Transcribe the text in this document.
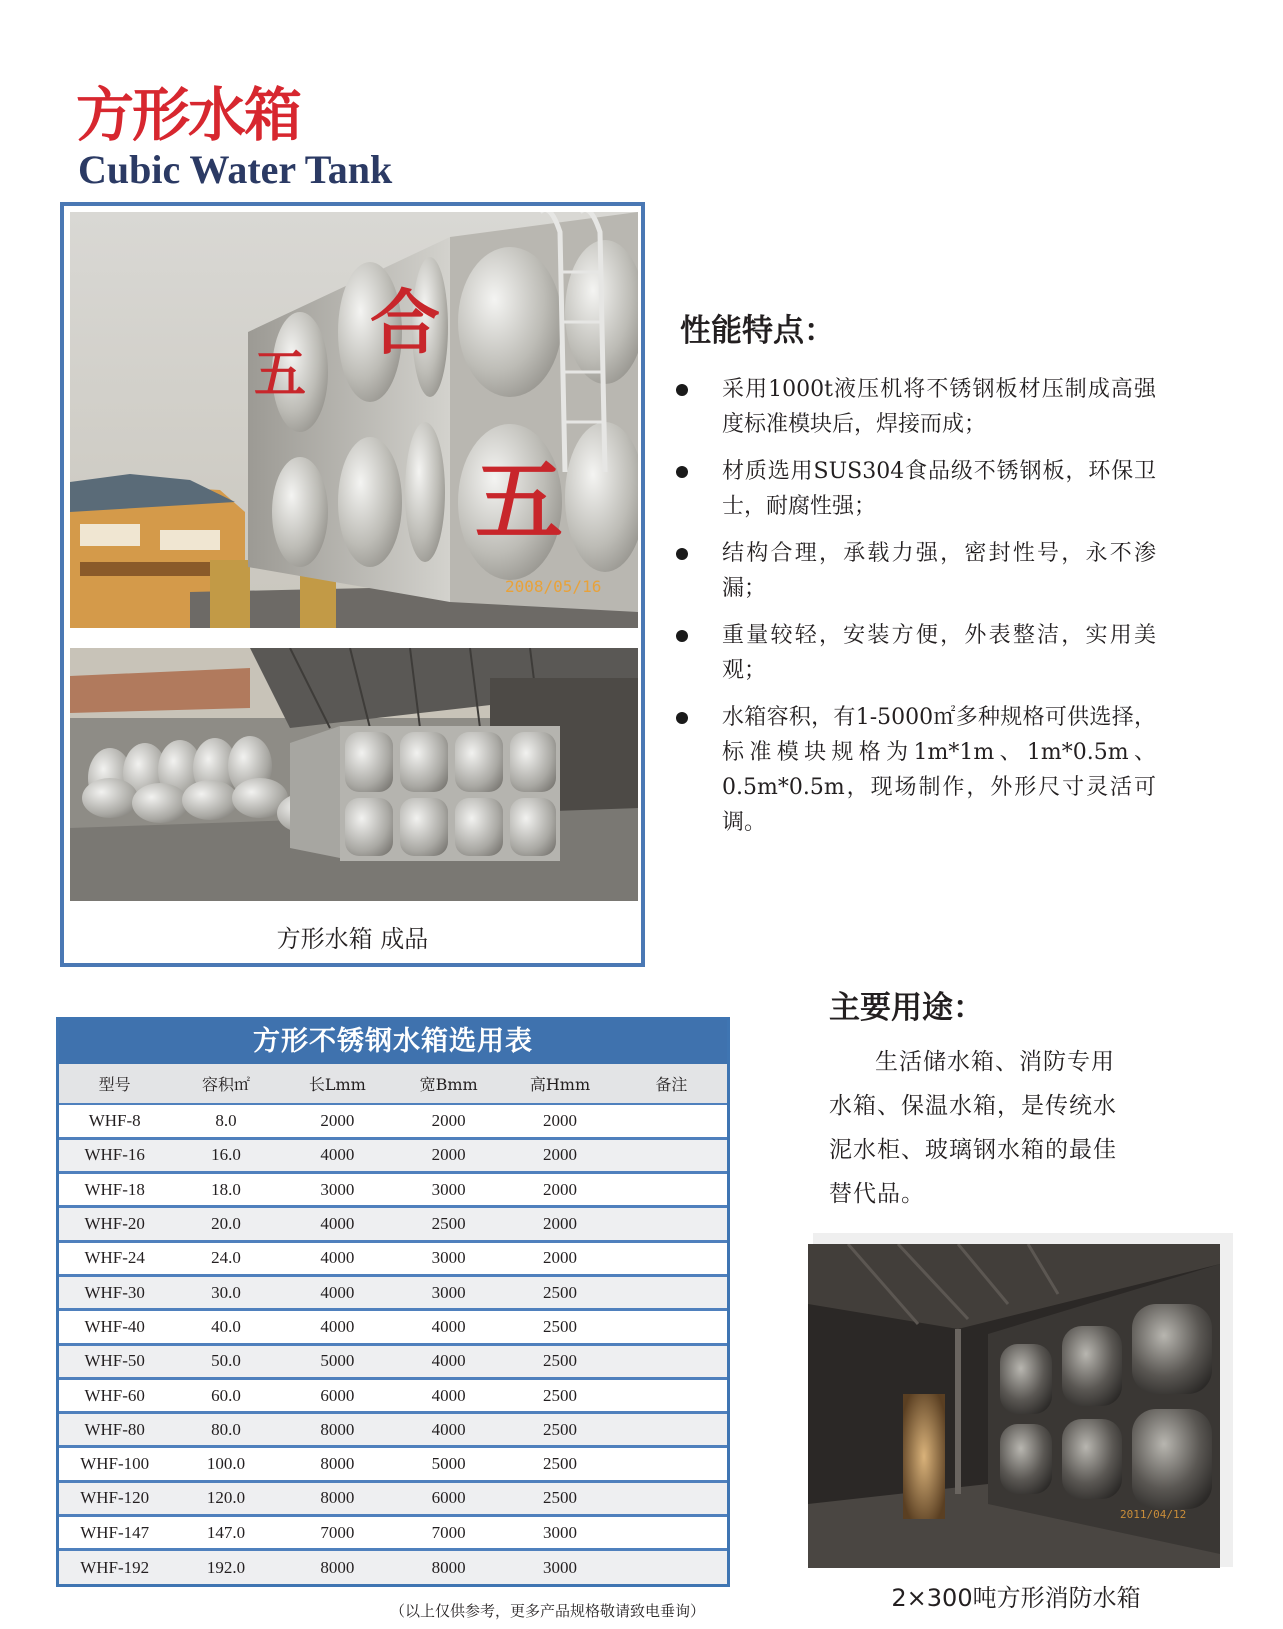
方形水箱
Cubic Water Tank
五
合
五
2008/05/16
方形水箱 成品
性能特点：
采用1000t液压机将不锈钢板材压制成高强度标准模块后，焊接而成；
材质选用SUS304食品级不锈钢板，环保卫士，耐腐性强；
结构合理，承载力强，密封性号，永不渗漏；
重量较轻，安装方便，外表整洁，实用美观；
水箱容积，有1-5000㎡多种规格可供选择，标准模块规格为1m*1m、1m*0.5m、0.5m*0.5m，现场制作，外形尺寸灵活可调。
方形不锈钢水箱选用表
型号	容积㎡	长Lmm	宽Bmm	高Hmm	备注
WHF-8	8.0	2000	2000	2000	
WHF-16	16.0	4000	2000	2000	
WHF-18	18.0	3000	3000	2000	
WHF-20	20.0	4000	2500	2000	
WHF-24	24.0	4000	3000	2000	
WHF-30	30.0	4000	3000	2500	
WHF-40	40.0	4000	4000	2500	
WHF-50	50.0	5000	4000	2500	
WHF-60	60.0	6000	4000	2500	
WHF-80	80.0	8000	4000	2500	
WHF-100	100.0	8000	5000	2500	
WHF-120	120.0	8000	6000	2500	
WHF-147	147.0	7000	7000	3000	
WHF-192	192.0	8000	8000	3000	
（以上仅供参考，更多产品规格敬请致电垂询）
主要用途：
生活储水箱、消防专用水箱、保温水箱，是传统水泥水柜、玻璃钢水箱的最佳替代品。
2011/04/12
2×300吨方形消防水箱
